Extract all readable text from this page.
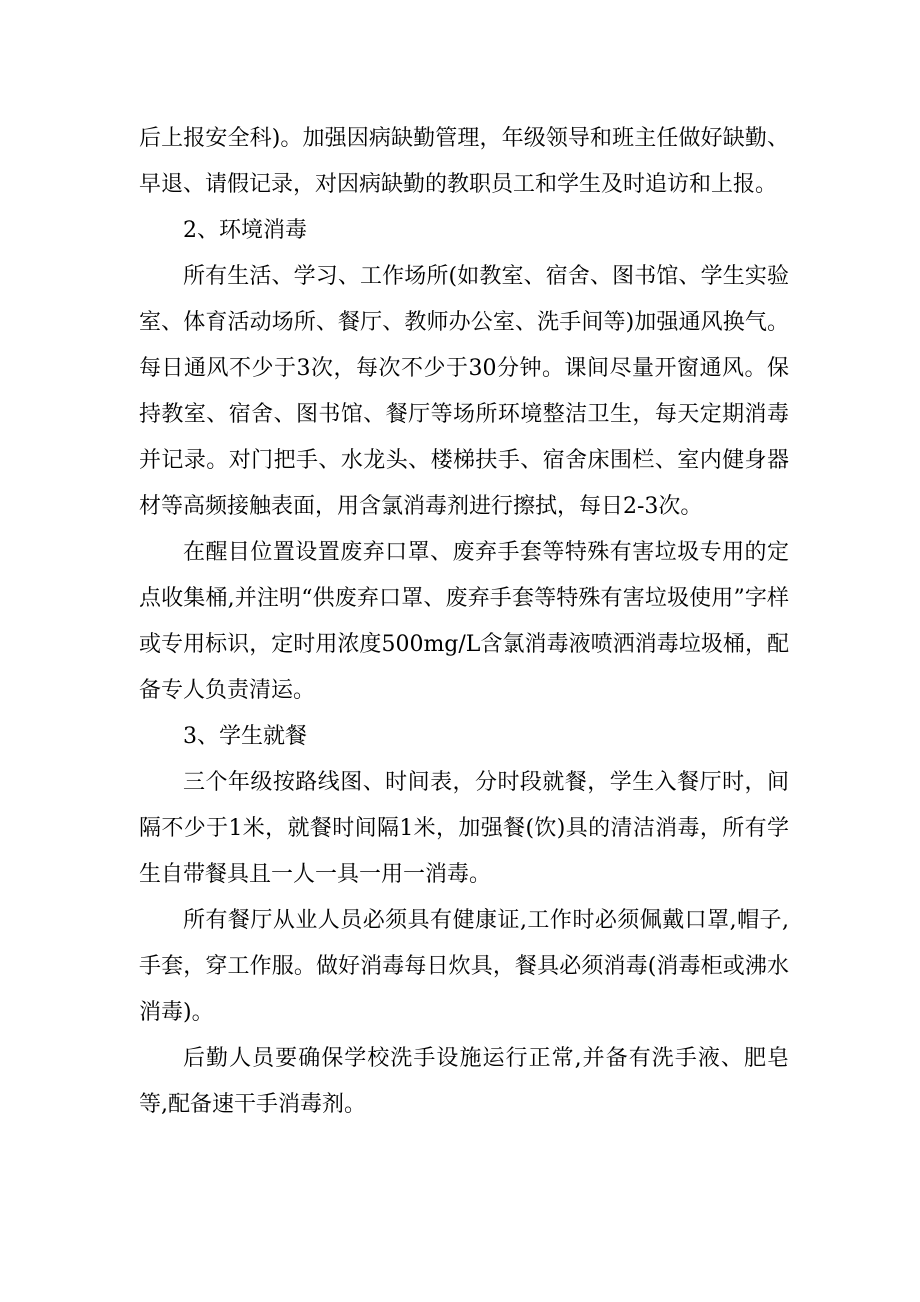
后上报安全科)。加强因病缺勤管理，年级领导和班主任做好缺勤、早退、请假记录，对因病缺勤的教职员工和学生及时追访和上报。

2、环境消毒

所有生活、学习、工作场所(如教室、宿舍、图书馆、学生实验室、体育活动场所、餐厅、教师办公室、洗手间等)加强通风换气。每日通风不少于3次，每次不少于30分钟。课间尽量开窗通风。保持教室、宿舍、图书馆、餐厅等场所环境整洁卫生，每天定期消毒并记录。对门把手、水龙头、楼梯扶手、宿舍床围栏、室内健身器材等高频接触表面，用含氯消毒剂进行擦拭，每日2-3次。

在醒目位置设置废弃口罩、废弃手套等特殊有害垃圾专用的定点收集桶,并注明“供废弃口罩、废弃手套等特殊有害垃圾使用”字样或专用标识，定时用浓度500mg/L含氯消毒液喷洒消毒垃圾桶，配备专人负责清运。

3、学生就餐

三个年级按路线图、时间表，分时段就餐，学生入餐厅时，间隔不少于1米，就餐时间隔1米，加强餐(饮)具的清洁消毒，所有学生自带餐具且一人一具一用一消毒。

所有餐厅从业人员必须具有健康证,工作时必须佩戴口罩,帽子,手套，穿工作服。做好消毒每日炊具，餐具必须消毒(消毒柜或沸水消毒)。

后勤人员要确保学校洗手设施运行正常,并备有洗手液、肥皂等,配备速干手消毒剂。
